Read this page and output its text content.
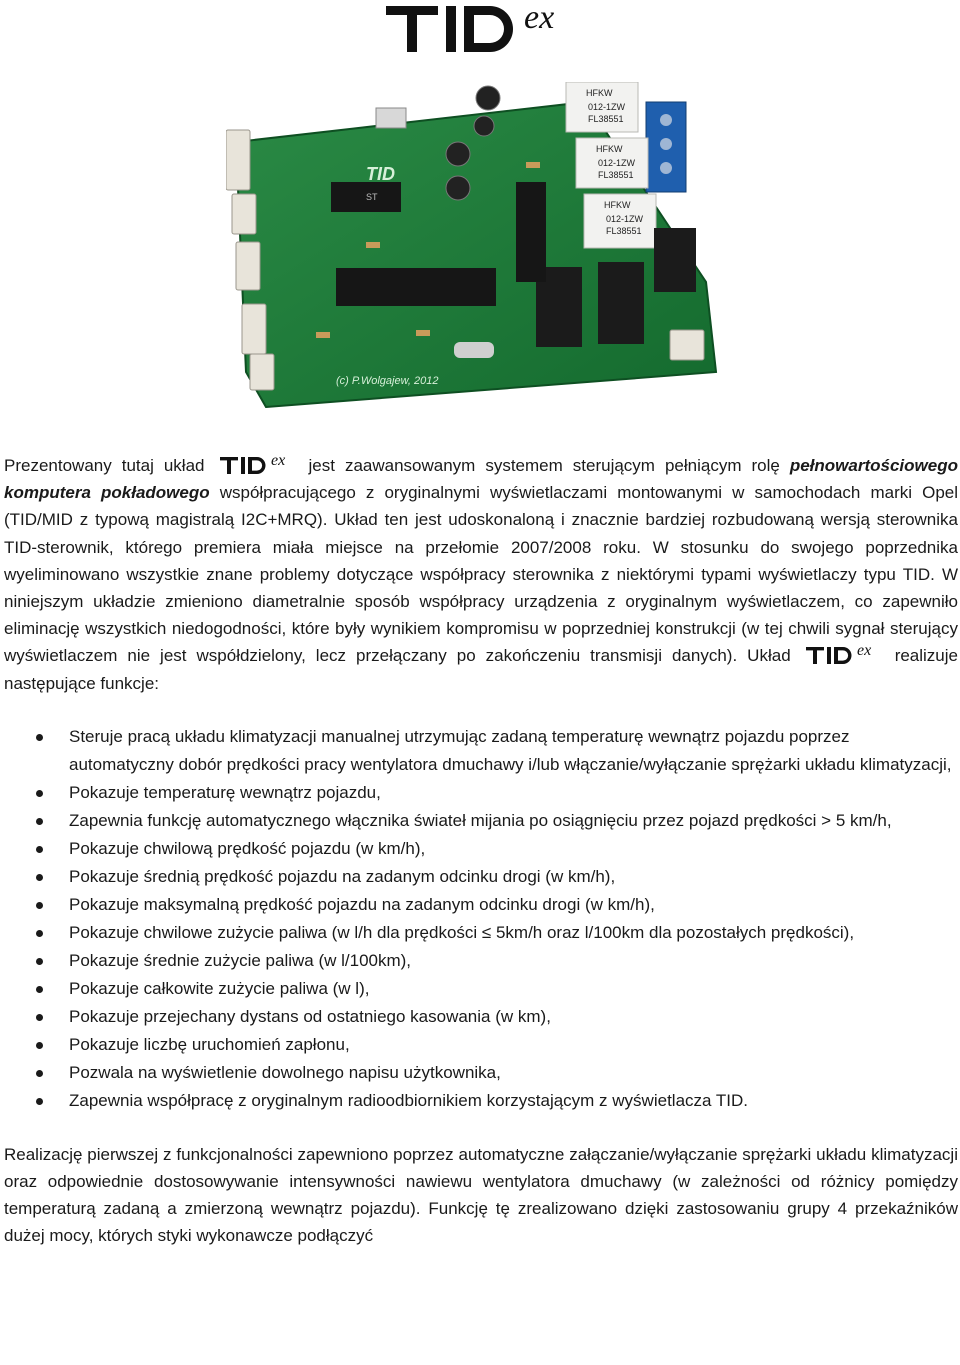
ex
HFKW
012-1ZW
FL38551
HFKW
012-1ZW
FL38551
HFKW
012-1ZW
FL38551
ST
(c) P.Wolgajew, 2012
TID

Prezentowany tutaj układ	ex jest zaawansowanym systemem sterującym pełniącym rolę pełnowartościowego komputera pokładowego współpracującego z oryginalnymi wyświetlaczami montowanymi w samochodach marki Opel (TID/MID z typową magistralą I2C+MRQ). Układ ten jest udoskonaloną i znacznie bardziej rozbudowaną wersją sterownika TID-sterownik, którego premiera miała miejsce na przełomie 2007/2008 roku. W stosunku do swojego poprzednika wyeliminowano wszystkie znane problemy dotyczące współpracy sterownika z niektórymi typami wyświetlaczy typu TID. W niniejszym układzie zmieniono diametralnie sposób współpracy urządzenia z oryginalnym wyświetlaczem, co zapewniło eliminację wszystkich niedogodności, które były wynikiem kompromisu w poprzedniej konstrukcji (w tej chwili sygnał sterujący wyświetlaczem nie jest współdzielony, lecz przełączany po zakończeniu transmisji danych). Układ	ex realizuje następujące funkcje:

Steruje pracą układu klimatyzacji manualnej utrzymując zadaną temperaturę wewnątrz pojazdu poprzez automatyczny dobór prędkości pracy wentylatora dmuchawy i/lub włączanie/wyłączanie sprężarki układu klimatyzacji,
Pokazuje temperaturę wewnątrz pojazdu,
Zapewnia funkcję automatycznego włącznika świateł mijania po osiągnięciu przez pojazd prędkości > 5 km/h,
Pokazuje chwilową prędkość pojazdu (w km/h),
Pokazuje średnią prędkość pojazdu na zadanym odcinku drogi (w km/h),
Pokazuje maksymalną prędkość pojazdu na zadanym odcinku drogi (w km/h),
Pokazuje chwilowe zużycie paliwa (w l/h dla prędkości ≤ 5km/h oraz l/100km dla pozostałych prędkości),
Pokazuje średnie zużycie paliwa (w l/100km),
Pokazuje całkowite zużycie paliwa (w l),
Pokazuje przejechany dystans od ostatniego kasowania (w km),
Pokazuje liczbę uruchomień zapłonu,
Pozwala na wyświetlenie dowolnego napisu użytkownika,
Zapewnia współpracę z oryginalnym radioodbiornikiem korzystającym z wyświetlacza TID.

Realizację pierwszej z funkcjonalności zapewniono poprzez automatyczne załączanie/wyłączanie sprężarki układu klimatyzacji oraz odpowiednie dostosowywanie intensywności nawiewu wentylatora dmuchawy (w zależności od różnicy pomiędzy temperaturą zadaną a zmierzoną wewnątrz pojazdu). Funkcję tę zrealizowano dzięki zastosowaniu grupy 4 przekaźników dużej mocy, których styki wykonawcze podłączyć
